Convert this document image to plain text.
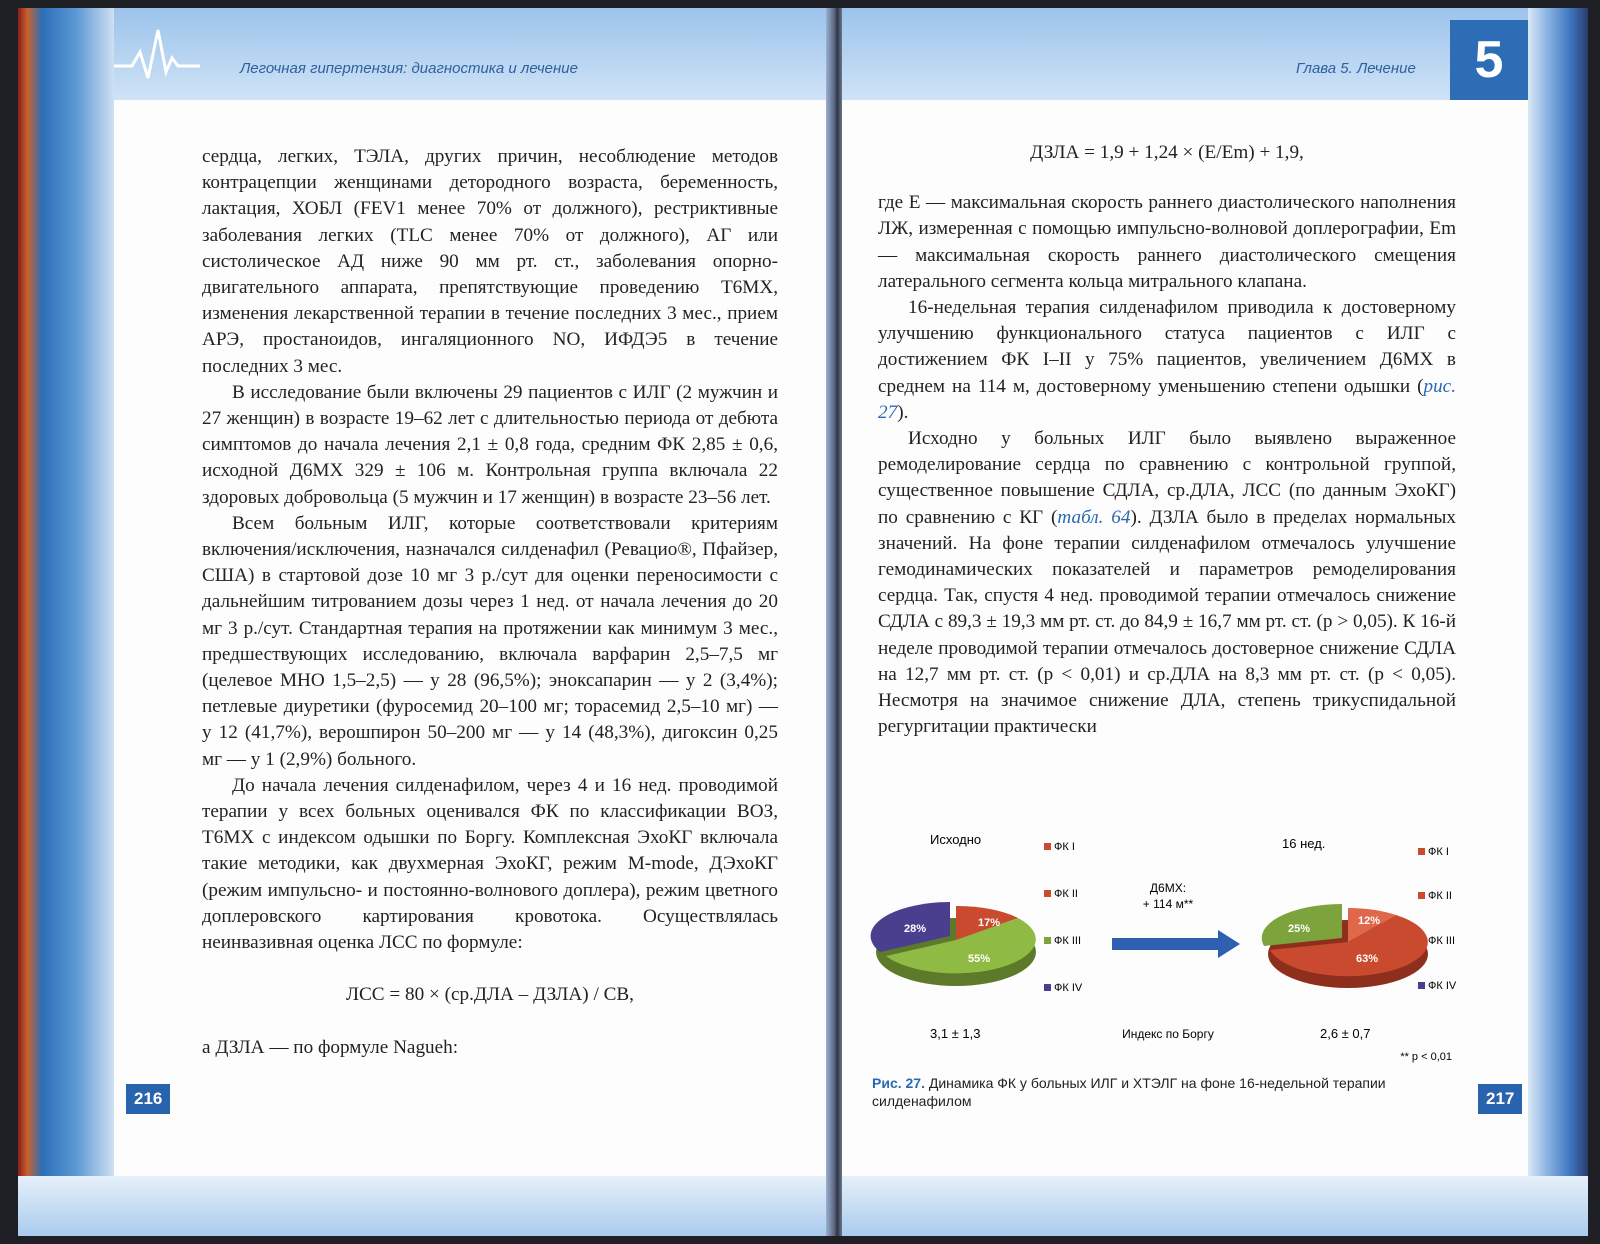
Легочная гипертензия: диагностика и лечение

сердца, легких, ТЭЛА, других причин, несоблюдение методов контрацепции женщинами детородного возраста, беременность, лактация, ХОБЛ (FEV1 менее 70% от должного), рестриктивные заболевания легких (TLC менее 70% от должного), АГ или систолическое АД ниже 90 мм рт. ст., заболевания опорно-двигательного аппарата, препятствующие проведению Т6МХ, изменения лекарственной терапии в течение последних 3 мес., прием АРЭ, простаноидов, ингаляционного NO, ИФДЭ5 в течение последних 3 мес.

В исследование были включены 29 пациентов с ИЛГ (2 мужчин и 27 женщин) в возрасте 19–62 лет с длительностью периода от дебюта симптомов до начала лечения 2,1 ± 0,8 года, средним ФК 2,85 ± 0,6, исходной Д6МХ 329 ± 106 м. Контрольная группа включала 22 здоровых добровольца (5 мужчин и 17 женщин) в возрасте 23–56 лет.

Всем больным ИЛГ, которые соответствовали критериям включения/исключения, назначался силденафил (Ревацио®, Пфайзер, США) в стартовой дозе 10 мг 3 р./сут для оценки переносимости с дальнейшим титрованием дозы через 1 нед. от начала лечения до 20 мг 3 р./сут. Стандартная терапия на протяжении как минимум 3 мес., предшествующих исследованию, включала варфарин 2,5–7,5 мг (целевое МНО 1,5–2,5) — у 28 (96,5%); эноксапарин — у 2 (3,4%); петлевые диуретики (фуросемид 20–100 мг; торасемид 2,5–10 мг) — у 12 (41,7%), верошпирон 50–200 мг — у 14 (48,3%), дигоксин 0,25 мг — у 1 (2,9%) больного.

До начала лечения силденафилом, через 4 и 16 нед. проводимой терапии у всех больных оценивался ФК по классификации ВОЗ, Т6МХ с индексом одышки по Боргу. Комплексная ЭхоКГ включала такие методики, как двухмерная ЭхоКГ, режим M-mode, ДЭхоКГ (режим импульсно- и постоянно-волнового доплера), режим цветного доплеровского картирования кровотока. Осуществлялась неинвазивная оценка ЛСС по формуле:

ЛСС = 80 × (ср.ДЛА – ДЗЛА) / СВ,

а ДЗЛА — по формуле Nagueh:

216
Глава 5. Лечение	5

ДЗЛА = 1,9 + 1,24 × (E/Em) + 1,9,

где E — максимальная скорость раннего диастолического наполнения ЛЖ, измеренная с помощью импульсно-волновой доплерографии, Em — максимальная скорость раннего диастолического смещения латерального сегмента кольца митрального клапана.

16-недельная терапия силденафилом приводила к достоверному улучшению функционального статуса пациентов с ИЛГ с достижением ФК I–II у 75% пациентов, увеличением Д6МХ в среднем на 114 м, достоверному уменьшению степени одышки (рис. 27).

Исходно у больных ИЛГ было выявлено выраженное ремоделирование сердца по сравнению с контрольной группой, существенное повышение СДЛА, ср.ДЛА, ЛСС (по данным ЭхоКГ) по сравнению с КГ (табл. 64). ДЗЛА было в пределах нормальных значений. На фоне терапии силденафилом отмечалось улучшение гемодинамических показателей и параметров ремоделирования сердца. Так, спустя 4 нед. проводимой терапии отмечалось снижение СДЛА с 89,3 ± 19,3 мм рт. ст. до 84,9 ± 16,7 мм рт. ст. (p > 0,05). К 16-й неделе проводимой терапии отмечалось достоверное снижение СДЛА на 12,7 мм рт. ст. (p < 0,01) и ср.ДЛА на 8,3 мм рт. ст. (p < 0,05). Несмотря на значимое снижение ДЛА, степень трикуспидальной регургитации практически

Исходно	16 нед.
ФК I
ФК II
ФК III
ФК IV
ФК I
ФК II
ФК III
ФК IV
17%
55%
28%
Д6МХ:
+ 114 м**
12%
63%
25%
3,1 ± 1,3	Индекс по Боргу	2,6 ± 0,7
** p < 0,01
Рис. 27. Динамика ФК у больных ИЛГ и ХТЭЛГ на фоне 16-недельной терапии силденафилом	217
